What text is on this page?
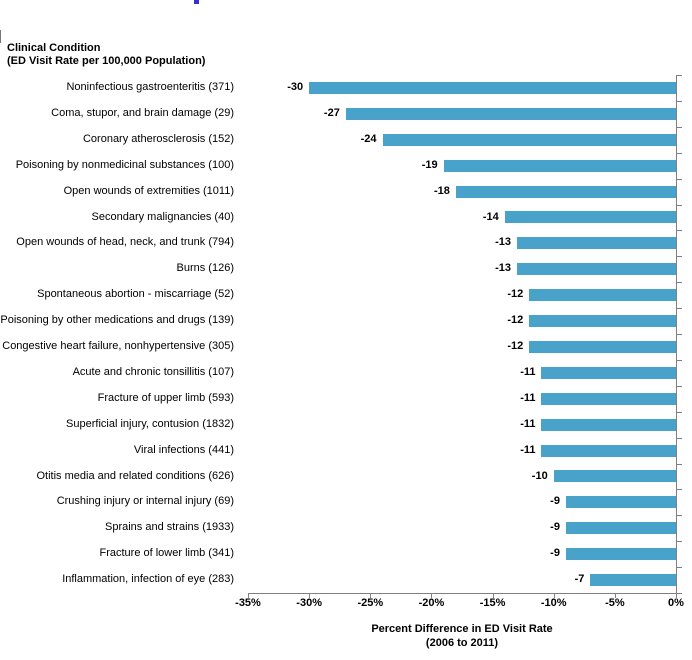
Clinical Condition
(ED Visit Rate per 100,000 Population)
Noninfectious gastroenteritis (371)	-30
Coma, stupor, and brain damage (29)	-27
Coronary atherosclerosis (152)	-24
Poisoning by nonmedicinal substances (100)	-19
Open wounds of extremities (1011)	-18
Secondary malignancies (40)	-14
Open wounds of head, neck, and trunk (794)	-13
Burns (126)	-13
Spontaneous abortion - miscarriage (52)	-12
Poisoning by other medications and drugs (139)	-12
Congestive heart failure, nonhypertensive (305)	-12
Acute and chronic tonsillitis (107)	-11
Fracture of upper limb (593)	-11
Superficial injury, contusion (1832)	-11
Viral infections (441)	-11
Otitis media and related conditions (626)	-10
Crushing injury or internal injury (69)	-9
Sprains and strains (1933)	-9
Fracture of lower limb (341)	-9
Inflammation, infection of eye (283)	-7
-35%	-30%	-25%	-20%	-15%	-10%	-5%	0%
Percent Difference in ED Visit Rate
(2006 to 2011)
